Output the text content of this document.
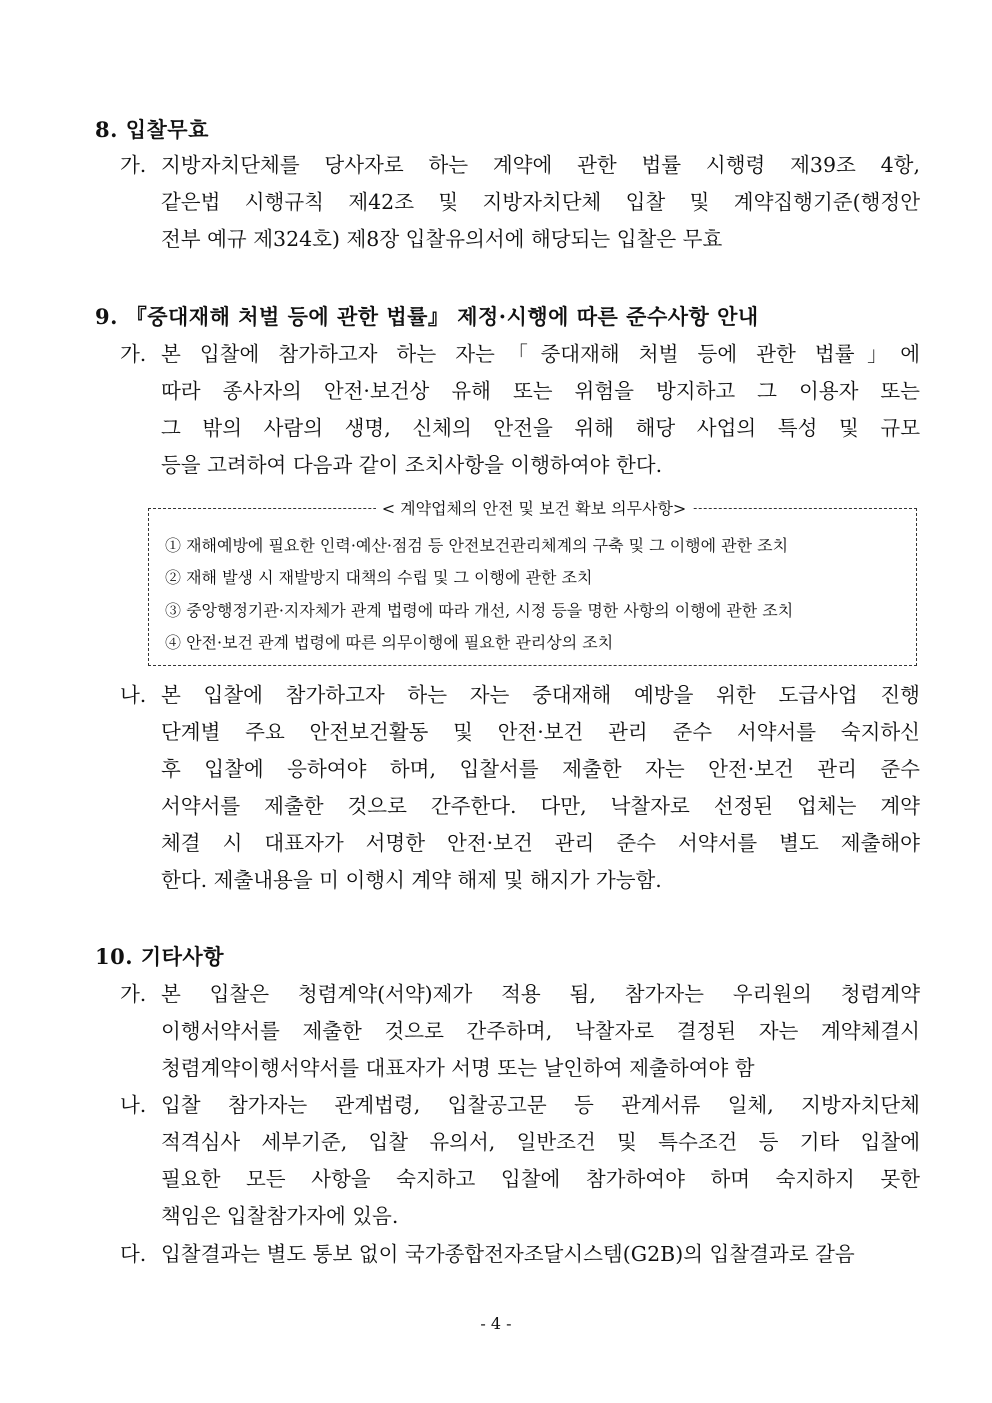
8. 입찰무효
가. 지방자치단체를 당사자로 하는 계약에 관한 법률 시행령 제39조 4항,
같은법 시행규칙 제42조 및 지방자치단체 입찰 및 계약집행기준(행정안
전부 예규 제324호) 제8장 입찰유의서에 해당되는 입찰은 무효
9. 『중대재해 처벌 등에 관한 법률』 제정·시행에 따른 준수사항 안내
가. 본 입찰에 참가하고자 하는 자는「중대재해 처벌 등에 관한 법률」에
따라 종사자의 안전·보건상 유해 또는 위험을 방지하고 그 이용자 또는
그 밖의 사람의 생명, 신체의 안전을 위해 해당 사업의 특성 및 규모
등을 고려하여 다음과 같이 조치사항을 이행하여야 한다.
< 계약업체의 안전 및 보건 확보 의무사항>
① 재해예방에 필요한 인력·예산·점검 등 안전보건관리체계의 구축 및 그 이행에 관한 조치
② 재해 발생 시 재발방지 대책의 수립 및 그 이행에 관한 조치
③ 중앙행정기관·지자체가 관계 법령에 따라 개선, 시정 등을 명한 사항의 이행에 관한 조치
④ 안전·보건 관계 법령에 따른 의무이행에 필요한 관리상의 조치
나. 본 입찰에 참가하고자 하는 자는 중대재해 예방을 위한 도급사업 진행
단계별 주요 안전보건활동 및 안전·보건 관리 준수 서약서를 숙지하신
후 입찰에 응하여야 하며, 입찰서를 제출한 자는 안전·보건 관리 준수
서약서를 제출한 것으로 간주한다. 다만, 낙찰자로 선정된 업체는 계약
체결 시 대표자가 서명한 안전·보건 관리 준수 서약서를 별도 제출해야
한다. 제출내용을 미 이행시 계약 해제 및 해지가 가능함.
10. 기타사항
가. 본 입찰은 청렴계약(서약)제가 적용 됨, 참가자는 우리원의 청렴계약
이행서약서를 제출한 것으로 간주하며, 낙찰자로 결정된 자는 계약체결시
청렴계약이행서약서를 대표자가 서명 또는 날인하여 제출하여야 함
나. 입찰 참가자는 관계법령, 입찰공고문 등 관계서류 일체, 지방자치단체
적격심사 세부기준, 입찰 유의서, 일반조건 및 특수조건 등 기타 입찰에
필요한 모든 사항을 숙지하고 입찰에 참가하여야 하며 숙지하지 못한
책임은 입찰참가자에 있음.
다. 입찰결과는 별도 통보 없이 국가종합전자조달시스템(G2B)의 입찰결과로 갈음
- 4 -
